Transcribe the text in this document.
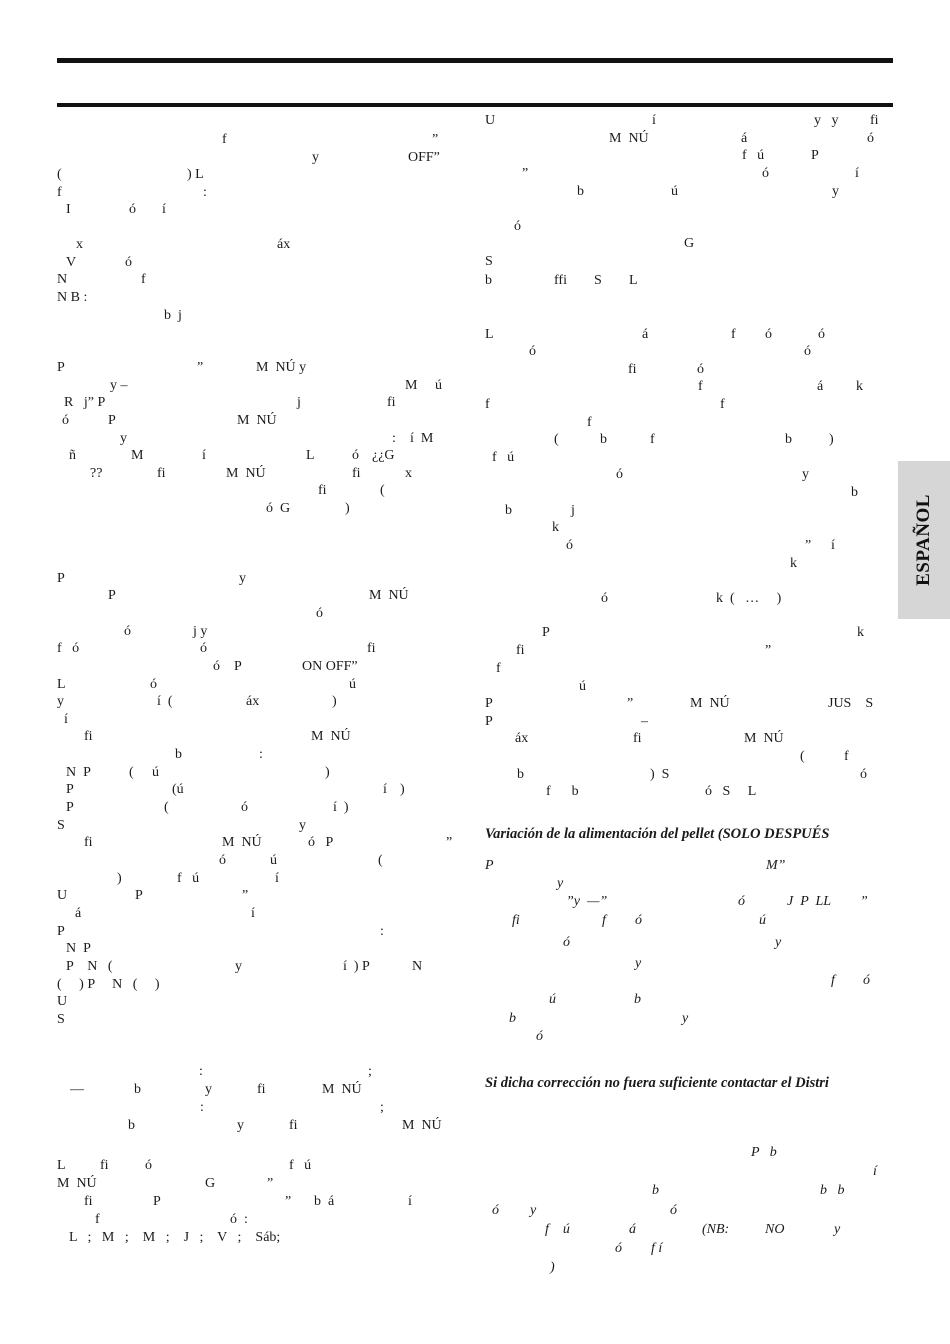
f	”
y	OFF”
(	) L
f	:
I	ó í
x	áx
V	ó
N	f
N B :
b  j
P	”	M  NÚ y
y –	M ú
R   j” P	j	fi
ó	P	M  NÚ
y	: í  M
ñ	M	í	L	ó ¿¿G
??	fi	M  NÚ	fi	x
fi	(
ó  G	)
P	y
P	M  NÚ
ó
ó	j y
f   ó	ó	fi
ó    P	ON OFF”
L	ó	ú
y	í  (	áx	)
í
fi	M  NÚ
b	:
N  P	( ú	)
P	(ú	í )
P	(	ó	í  )
S	y
fi	M  NÚ	ó   P	”
ó	ú	(
)	f   ú	í
U	P	”
á	í
P	:
N  P
P    N   (	y	í  ) P	N
(     ) P     N   (     )
U
S
:	;
—	b	y	fi	M  NÚ
:	;
b	y	fi	M  NÚ
L fi	ó	f   ú
M  NÚ	G	”
fi	P	” b  á	í
f	ó  :
L   ;   M   ;    M   ;    J   ;    V   ;    Sáb;
U	í	y   y fi
M  NÚ	á	ó
f   ú	P
”	ó	í
b	ú	y
ó
G
S
b	ffi S L
L	á	f ó	ó
ó	ó
fi	ó
f	á k
f	f
f
(	b	f	b	)
f   ú
ó	y
b
b	j
k
ó	” í
k
ó	k  (   …     )
P	k
fi	”
f
ú
P	”	M  NÚ	JUS    S
P	–
áx	fi	M  NÚ
(	f
b	)  S	ó
f      b	ó   S     L
P	M”
y
”y  —”	ó	J  P  LL ”
fi	f ó	ú
ó	y
y
f ó
ú	b
b	y
ó
P   b
í
b	b   b
ó y	ó
f    ú	á	(NB:	NO	y
ó f í
)
Variación de la alimentación del pellet (SOLO DESPUÉS
Si dicha corrección no fuera suficiente contactar el Distri
ESPAÑOL
